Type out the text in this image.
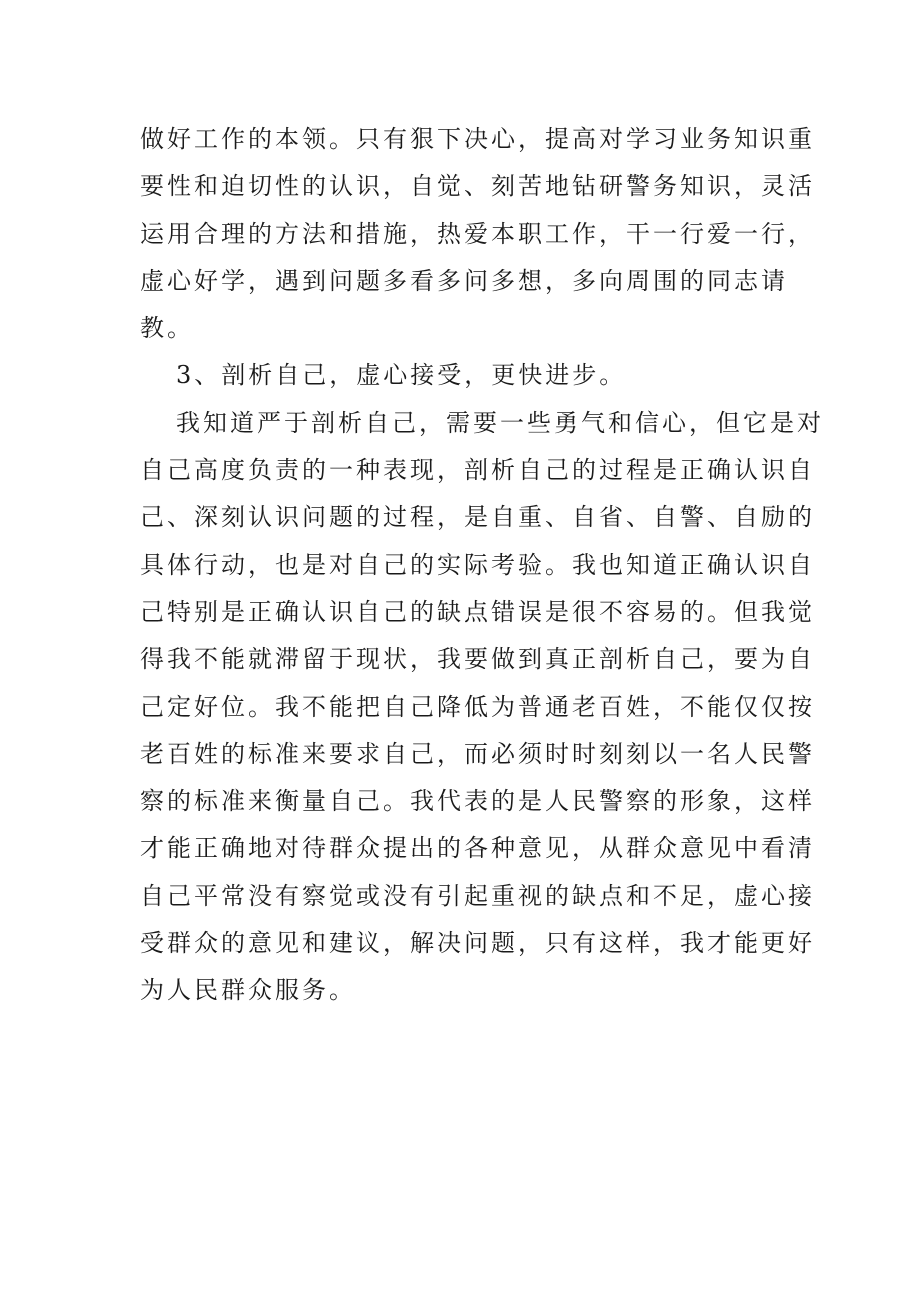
做好工作的本领。只有狠下决心，提高对学习业务知识重
要性和迫切性的认识，自觉、刻苦地钻研警务知识，灵活
运用合理的方法和措施，热爱本职工作，干一行爱一行，
虚心好学，遇到问题多看多问多想，多向周围的同志请
教。
3、剖析自己，虚心接受，更快进步。
我知道严于剖析自己，需要一些勇气和信心，但它是对
自己高度负责的一种表现，剖析自己的过程是正确认识自
己、深刻认识问题的过程，是自重、自省、自警、自励的
具体行动，也是对自己的实际考验。我也知道正确认识自
己特别是正确认识自己的缺点错误是很不容易的。但我觉
得我不能就滞留于现状，我要做到真正剖析自己，要为自
己定好位。我不能把自己降低为普通老百姓，不能仅仅按
老百姓的标准来要求自己，而必须时时刻刻以一名人民警
察的标准来衡量自己。我代表的是人民警察的形象，这样
才能正确地对待群众提出的各种意见，从群众意见中看清
自己平常没有察觉或没有引起重视的缺点和不足，虚心接
受群众的意见和建议，解决问题，只有这样，我才能更好
为人民群众服务。
